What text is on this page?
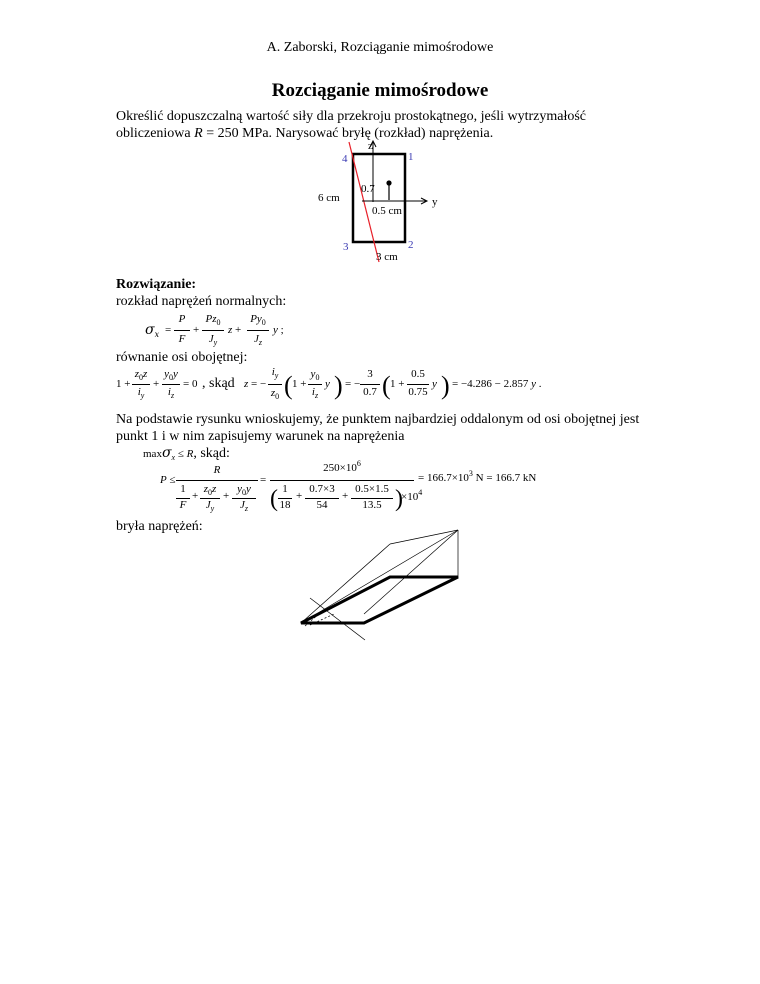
A. Zaborski, Rozciąganie mimośrodowe
Rozciąganie mimośrodowe
Określić dopuszczalną wartość siły dla przekroju prostokątnego, jeśli wytrzymałość
obliczeniowa R = 250 MPa. Narysować bryłę (rozkład) naprężenia.
z
y
1
2
3
4
6 cm
3 cm
0.7
0.5 cm
Rozwiązanie:
rozkład naprężeń normalnych:
$\sigma_x$ =
P
F
+
$Pz_0$
$J_y$
z +
$Py_0$
$J_z$
y ;
równanie osi obojętnej:
1 +
$z_0z$
$i_y$
+
$y_0y$
$i_z$
= 0 , skąd z = −
$i_y$
$z_0$ ( 1 +
$y_0$
$i_z$
y ) = −
3
0.7 ( 1 +
0.5
0.75
y ) = −4.286 − 2.857 y .
Na podstawie rysunku wnioskujemy, że punktem najbardziej oddalonym od osi obojętnej jest
punkt 1 i w nim zapisujemy warunek na naprężenia
maxσ$_x$ ≤ R, skąd:
P ≤
R
1
F
+
$z_0z$
$J_y$
+
$y_0y$
$J_z$
=
$250\times 10^6$
( 1
18
+
0.7×3
54
+
0.5×1.5
13.5 )
$\times 10^4$
= $166.7\times 10^3$ N = 166.7 kN
bryła naprężeń:
